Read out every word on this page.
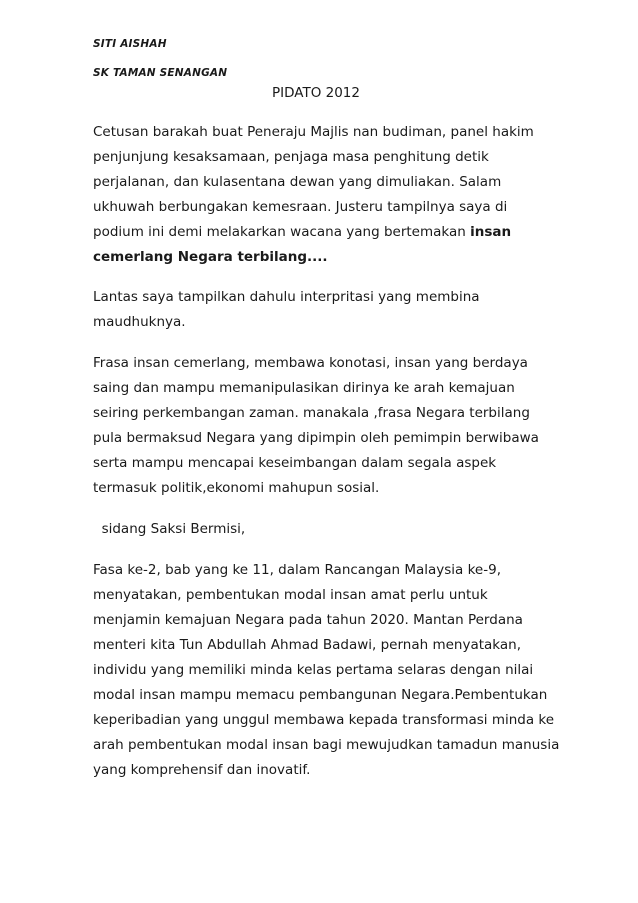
SITI AISHAH
SK TAMAN SENANGAN
PIDATO 2012
Cetusan barakah buat Peneraju Majlis nan budiman, panel hakim
penjunjung kesaksamaan, penjaga masa penghitung detik
perjalanan, dan kulasentana dewan yang dimuliakan. Salam
ukhuwah berbungakan kemesraan. Justeru tampilnya saya di
podium ini demi melakarkan wacana yang bertemakan insan
cemerlang Negara terbilang....
Lantas saya tampilkan dahulu interpritasi yang membina
maudhuknya.
Frasa insan cemerlang, membawa konotasi, insan yang berdaya
saing dan mampu memanipulasikan dirinya ke arah kemajuan
seiring perkembangan zaman. manakala ,frasa Negara terbilang
pula bermaksud Negara yang dipimpin oleh pemimpin berwibawa
serta mampu mencapai keseimbangan dalam segala aspek
termasuk politik,ekonomi mahupun sosial.
sidang Saksi Bermisi,
Fasa ke-2, bab yang ke 11, dalam Rancangan Malaysia ke-9,
menyatakan, pembentukan modal insan amat perlu untuk
menjamin kemajuan Negara pada tahun 2020. Mantan Perdana
menteri kita Tun Abdullah Ahmad Badawi, pernah menyatakan,
individu yang memiliki minda kelas pertama selaras dengan nilai
modal insan mampu memacu pembangunan Negara.Pembentukan
keperibadian yang unggul membawa kepada transformasi minda ke
arah pembentukan modal insan bagi mewujudkan tamadun manusia
yang komprehensif dan inovatif.
